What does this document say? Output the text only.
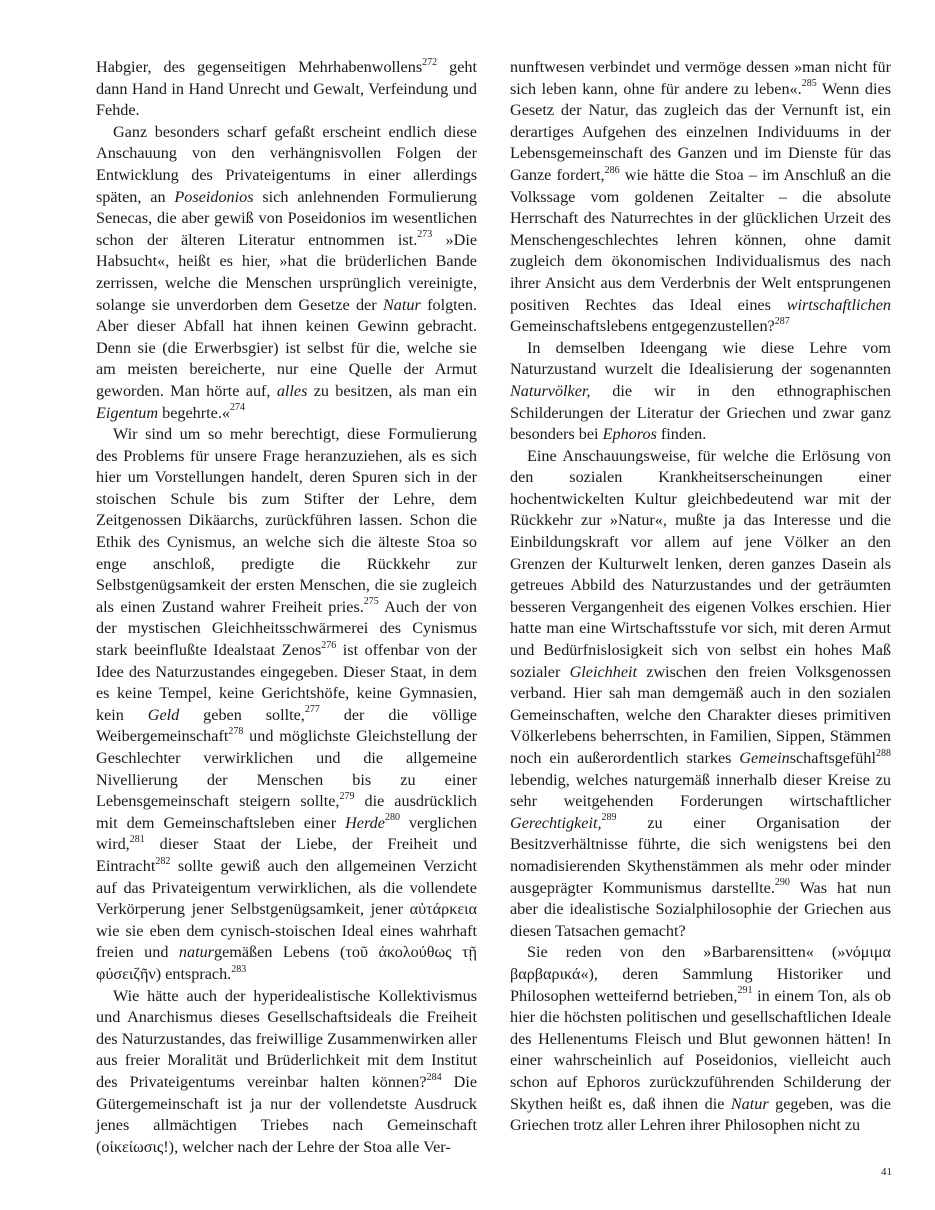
Habgier, des gegenseitigen Mehrhabenwollens$^{272}$ geht dann Hand in Hand Unrecht und Gewalt, Verfeindung und Fehde.

Ganz besonders scharf gefaßt erscheint endlich diese Anschauung von den verhängnisvollen Folgen der Entwicklung des Privateigentums in einer allerdings späten, an Poseidonios sich anlehnenden Formulierung Senecas, die aber gewiß von Poseidonios im wesentlichen schon der älteren Literatur entnommen ist.$^{273}$ »Die Habsucht«, heißt es hier, »hat die brüderlichen Bande zerrissen, welche die Menschen ursprünglich vereinigte, solange sie unverdorben dem Gesetze der Natur folgten. Aber dieser Abfall hat ihnen keinen Gewinn gebracht. Denn sie (die Erwerbsgier) ist selbst für die, welche sie am meisten bereicherte, nur eine Quelle der Armut geworden. Man hörte auf, alles zu besitzen, als man ein Eigentum begehrte.«$^{274}$

Wir sind um so mehr berechtigt, diese Formulierung des Problems für unsere Frage heranzuziehen, als es sich hier um Vorstellungen handelt, deren Spuren sich in der stoischen Schule bis zum Stifter der Lehre, dem Zeitgenossen Dikäarchs, zurückführen lassen. Schon die Ethik des Cynismus, an welche sich die älteste Stoa so enge anschloß, predigte die Rückkehr zur Selbstgenügsamkeit der ersten Menschen, die sie zugleich als einen Zustand wahrer Freiheit pries.$^{275}$ Auch der von der mystischen Gleichheitsschwärmerei des Cynismus stark beeinflußte Idealstaat Zenos$^{276}$ ist offenbar von der Idee des Naturzustandes eingegeben. Dieser Staat, in dem es keine Tempel, keine Gerichtshöfe, keine Gymnasien, kein Geld geben sollte,$^{277}$ der die völlige Weibergemeinschaft$^{278}$ und möglichste Gleichstellung der Geschlechter verwirklichen und die allgemeine Nivellierung der Menschen bis zu einer Lebensgemeinschaft steigern sollte,$^{279}$ die ausdrücklich mit dem Gemeinschaftsleben einer Herde$^{280}$ verglichen wird,$^{281}$ dieser Staat der Liebe, der Freiheit und Eintracht$^{282}$ sollte gewiß auch den allgemeinen Verzicht auf das Privateigentum verwirklichen, als die vollendete Verkörperung jener Selbstgenügsamkeit, jener αὐτάρκεια wie sie eben dem cynisch-stoischen Ideal eines wahrhaft freien und naturgemäßen Lebens (τοῦ ἀκολούθως τῇ φύσειζῆν) entsprach.$^{283}$

Wie hätte auch der hyperidealistische Kollektivismus und Anarchismus dieses Gesellschaftsideals die Freiheit des Naturzustandes, das freiwillige Zusammenwirken aller aus freier Moralität und Brüderlichkeit mit dem Institut des Privateigentums vereinbar halten können?$^{284}$ Die Gütergemeinschaft ist ja nur der vollendetste Ausdruck jenes allmächtigen Triebes nach Gemeinschaft (οἰκείωσις!), welcher nach der Lehre der Stoa alle Ver-

nunftwesen verbindet und vermöge dessen »man nicht für sich leben kann, ohne für andere zu leben«.$^{285}$ Wenn dies Gesetz der Natur, das zugleich das der Vernunft ist, ein derartiges Aufgehen des einzelnen Individuums in der Lebensgemeinschaft des Ganzen und im Dienste für das Ganze fordert,$^{286}$ wie hätte die Stoa – im Anschluß an die Volkssage vom goldenen Zeitalter – die absolute Herrschaft des Naturrechtes in der glücklichen Urzeit des Menschengeschlechtes lehren können, ohne damit zugleich dem ökonomischen Individualismus des nach ihrer Ansicht aus dem Verderbnis der Welt entsprungenen positiven Rechtes das Ideal eines wirtschaftlichen Gemeinschaftslebens entgegenzustellen?$^{287}$

In demselben Ideengang wie diese Lehre vom Naturzustand wurzelt die Idealisierung der sogenannten Naturvölker, die wir in den ethnographischen Schilderungen der Literatur der Griechen und zwar ganz besonders bei Ephoros finden.

Eine Anschauungsweise, für welche die Erlösung von den sozialen Krankheitserscheinungen einer hochentwickelten Kultur gleichbedeutend war mit der Rückkehr zur »Natur«, mußte ja das Interesse und die Einbildungskraft vor allem auf jene Völker an den Grenzen der Kulturwelt lenken, deren ganzes Dasein als getreues Abbild des Naturzustandes und der geträumten besseren Vergangenheit des eigenen Volkes erschien. Hier hatte man eine Wirtschaftsstufe vor sich, mit deren Armut und Bedürfnislosigkeit sich von selbst ein hohes Maß sozialer Gleichheit zwischen den freien Volksgenossen verband. Hier sah man demgemäß auch in den sozialen Gemeinschaften, welche den Charakter dieses primitiven Völkerlebens beherrschten, in Familien, Sippen, Stämmen noch ein außerordentlich starkes Gemeinschaftsgefühl$^{288}$ lebendig, welches naturgemäß innerhalb dieser Kreise zu sehr weitgehenden Forderungen wirtschaftlicher Gerechtigkeit,$^{289}$ zu einer Organisation der Besitzverhältnisse führte, die sich wenigstens bei den nomadisierenden Skythenstämmen als mehr oder minder ausgeprägter Kommunismus darstellte.$^{290}$ Was hat nun aber die idealistische Sozialphilosophie der Griechen aus diesen Tatsachen gemacht?

Sie reden von den »Barbarensitten« (»νόμιμα βαρβαρικά«), deren Sammlung Historiker und Philosophen wetteifernd betrieben,$^{291}$ in einem Ton, als ob hier die höchsten politischen und gesellschaftlichen Ideale des Hellenentums Fleisch und Blut gewonnen hätten! In einer wahrscheinlich auf Poseidonios, vielleicht auch schon auf Ephoros zurückzuführenden Schilderung der Skythen heißt es, daß ihnen die Natur gegeben, was die Griechen trotz aller Lehren ihrer Philosophen nicht zu

41
